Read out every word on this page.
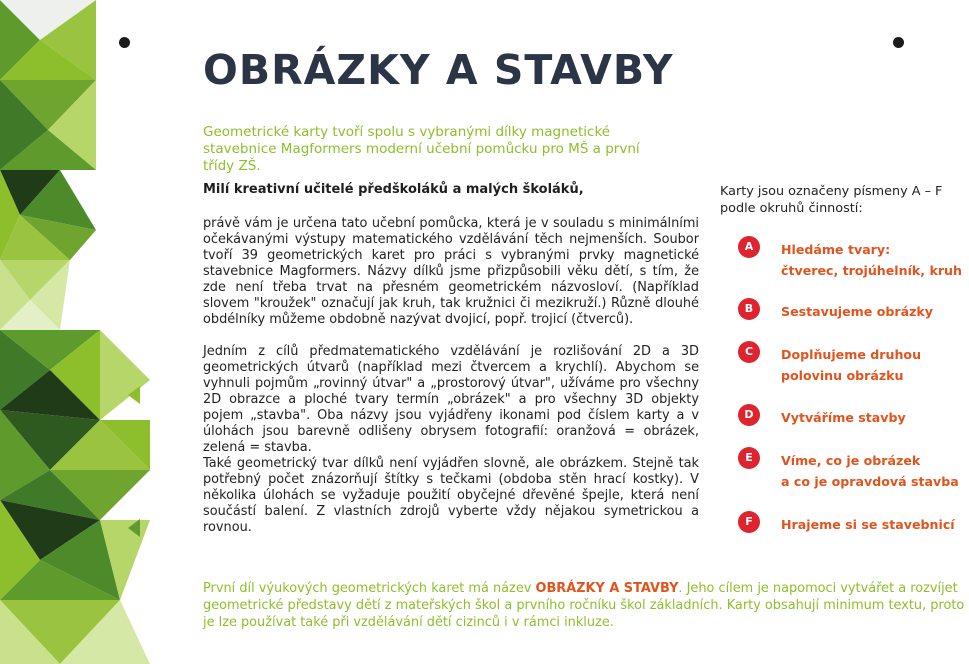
OBRÁZKY A STAVBY
Geometrické karty tvoří spolu s vybranými dílky magnetické stavebnice Magformers moderní učební pomůcku pro MŠ a první třídy ZŠ.
Milí kreativní učitelé předškoláků a malých školáků,

právě vám je určena tato učební pomůcka, která je v souladu s minimálními očekávanými výstupy matematického vzdělávání těch nejmenších. Soubor tvoří 39 geometrických karet pro práci s vybranými prvky magnetické stavebnice Magformers. Názvy dílků jsme přizpůsobili věku dětí, s tím, že zde není třeba trvat na přesném geometrickém názvosloví. (Například slovem "kroužek" označují jak kruh, tak kružnici či mezikruží.) Různě dlouhé obdélníky můžeme obdobně nazývat dvojicí, popř. trojicí (čtverců).

Jedním z cílů předmatematického vzdělávání je rozlišování 2D a 3D geometrických útvarů (například mezi čtvercem a krychlí). Abychom se vyhnuli pojmům „rovinný útvar" a „prostorový útvar", užíváme pro všechny 2D obrazce a ploché tvary termín „obrázek" a pro všechny 3D objekty pojem „stavba". Oba názvy jsou vyjádřeny ikonami pod číslem karty a v úlohách jsou barevně odlišeny obrysem fotografií: oranžová = obrázek, zelená = stavba.

Také geometrický tvar dílků není vyjádřen slovně, ale obrázkem. Stejně tak potřebný počet znázorňují štítky s tečkami (obdoba stěn hrací kostky). V několika úlohách se vyžaduje použití obyčejné dřevěné špejle, která není součástí balení. Z vlastních zdrojů vyberte vždy nějakou symetrickou a rovnou.

Karty jsou označeny písmeny A – F podle okruhů činností:
A	Hledáme tvary:
čtverec, trojúhelník, kruh
B	Sestavujeme obrázky
C	Doplňujeme druhou
polovinu obrázku
D	Vytváříme stavby
E	Víme, co je obrázek
a co je opravdová stavba
F	Hrajeme si se stavebnicí
První díl výukových geometrických karet má název OBRÁZKY A STAVBY. Jeho cílem je napomoci vytvářet a rozvíjet geometrické představy dětí z mateřských škol a prvního ročníku škol základních. Karty obsahují minimum textu, proto je lze používat také při vzdělávání dětí cizinců i v rámci inkluze.
